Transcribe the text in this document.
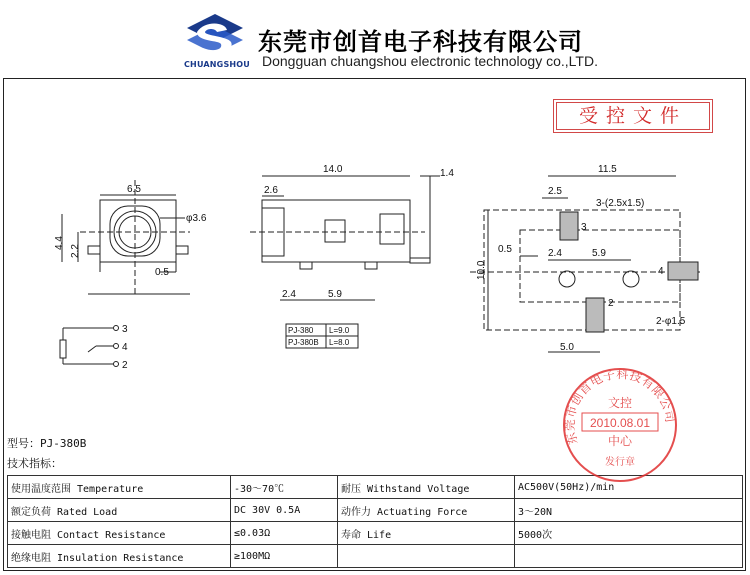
CHUANGSHOU
东莞市创首电子科技有限公司
Dongguan chuangshou electronic technology co.,LTD.
受控文件
6.5
φ3.6
4.4
2.2
0.5
14.0
2.6
1.4
2.4	5.9
PJ-380 L=9.0
PJ-380B L=8.0
3
4
2
11.5
2.5
3-(2.5x1.5)
0.5	2.4	5.9
10.0
2-φ1.5
5.0
3
2
4
型号：PJ-380B
技术指标：
使用温度范围 Temperature	-30～70℃	耐压 Withstand Voltage	AC500V(50Hz)/min
额定负荷 Rated Load	DC 30V 0.5A	动作力 Actuating Force	3～20N
接触电阻 Contact Resistance	≤0.03Ω	寿命 Life	5000次
绝缘电阻 Insulation Resistance	≥100MΩ		
东莞市创首电子科技有限公司
文控
2010.08.01
中心
发行章
